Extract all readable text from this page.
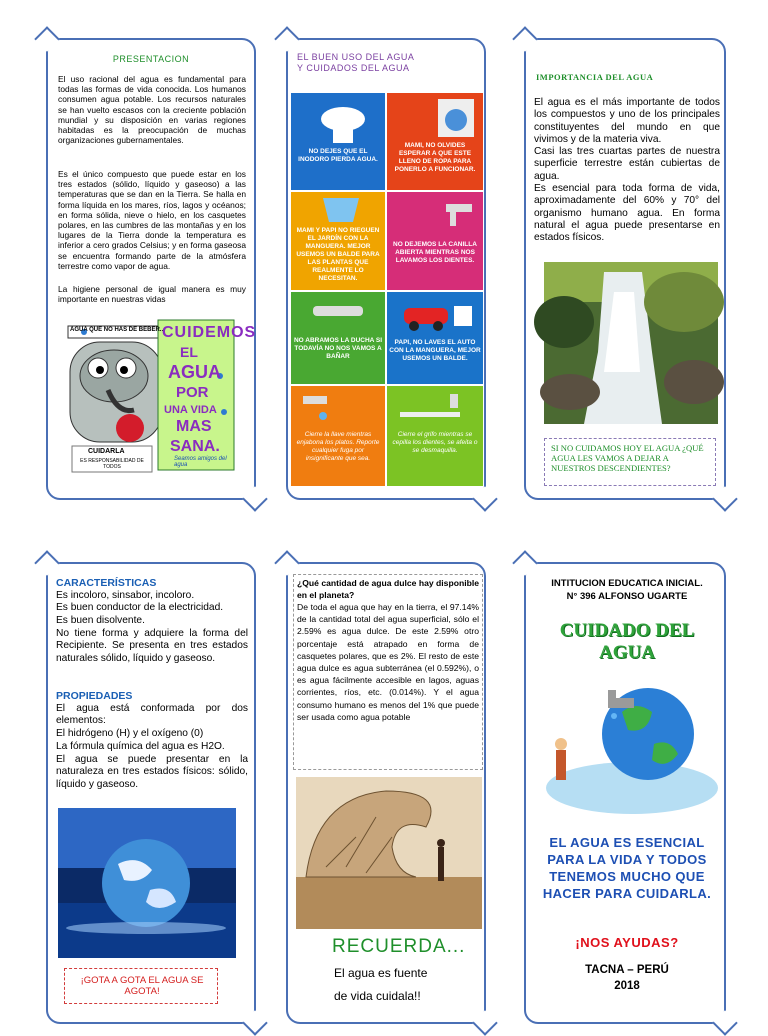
PRESENTACION
El uso racional del agua es fundamental para todas las formas de vida conocida. Los humanos consumen agua potable. Los recursos naturales se han vuelto escasos con la creciente población mundial y su disposición en varias regiones habitadas es la preocupación de muchas organizaciones gubernamentales.
Es el único compuesto que puede estar en los tres estados (sólido, líquido y gaseoso) a las temperaturas que se dan en la Tierra. Se halla en forma líquida en los mares, ríos, lagos y océanos; en forma sólida, nieve o hielo, en los casquetes polares, en las cumbres de las montañas y en los lugares de la Tierra donde la temperatura es inferior a cero grados Celsius; y en forma gaseosa se encuentra formando parte de la atmósfera terrestre como vapor de agua.
La higiene personal de igual manera es muy importante en nuestras vidas
AGUA QUE NO HAS DE BEBER...
CUIDEMOS
EL
AGUA
POR
UNA VIDA
MAS
SANA.
Seamos amigos del agua
CUIDARLA
ES RESPONSABILIDAD DE TODOS
EL BUEN USO DEL AGUA
Y CUIDADOS DEL AGUA
NO DEJES QUE EL INODORO PIERDA AGUA.
MAMI, NO OLVIDES ESPERAR A QUE ESTE LLENO DE ROPA PARA PONERLO A FUNCIONAR.
MAMI Y PAPI NO RIEGUEN EL JARDÍN CON LA MANGUERA. MEJOR USEMOS UN BALDE PARA LAS PLANTAS QUE REALMENTE LO NECESITAN.
NO DEJEMOS LA CANILLA ABIERTA MIENTRAS NOS LAVAMOS LOS DIENTES.
NO ABRAMOS LA DUCHA SI TODAVÍA NO NOS VAMOS A BAÑAR
PAPI, NO LAVES EL AUTO CON LA MANGUERA, MEJOR USEMOS UN BALDE.
Cierre la llave mientras enjabona los platos. Reporte cualquier fuga por insignificante que sea.
Cierre el grifo mientras se cepilla los dientes, se afeita o se desmaquilla.
IMPORTANCIA DEL AGUA
El agua es el más importante de todos los compuestos y uno de los principales constituyentes del mundo en que vivimos y de la materia viva.
Casi las tres cuartas partes de nuestra superficie terrestre están cubiertas de agua.
Es esencial para toda forma de vida, aproximadamente del 60% y 70° del organismo humano agua. En forma natural el agua puede presentarse en estados físicos.
SI NO CUIDAMOS HOY EL AGUA ¿QUÉ AGUA LES VAMOS A DEJAR A NUESTROS DESCENDIENTES?
CARACTERÍSTICAS
Es incoloro, sinsabor, incoloro.
Es buen conductor de la electricidad.
Es buen disolvente.
No tiene forma y adquiere la forma del Recipiente. Se presenta en tres estados naturales sólido, líquido y gaseoso.
PROPIEDADES
El agua está conformada por dos elementos:
El hidrógeno (H) y el oxígeno (0)
La fórmula química del agua es H2O.
El agua se puede presentar en la naturaleza en tres estados físicos: sólido, líquido y gaseoso.
¡GOTA A GOTA EL AGUA SE AGOTA!
¿Qué cantidad de agua dulce hay disponible en el planeta?
De toda el agua que hay en la tierra, el 97.14% de la cantidad total del agua superficial, sólo el 2.59% es agua dulce. De este 2.59% otro porcentaje está atrapado en forma de casquetes polares, que es 2%. El resto de este agua dulce es agua subterránea (el 0.592%), o es agua fácilmente accesible en lagos, aguas corrientes, ríos, etc. (0.014%). Y el agua consumo humano es menos del 1% que puede ser usada como agua potable
RECUERDA...
El agua es fuente
de vida cuidala!!
INTITUCION EDUCATICA INICIAL.
N° 396 ALFONSO UGARTE
CUIDADO DEL AGUA
EL AGUA ES ESENCIAL PARA LA VIDA Y TODOS TENEMOS MUCHO QUE HACER PARA CUIDARLA.
¡NOS AYUDAS?
TACNA – PERÚ
2018
